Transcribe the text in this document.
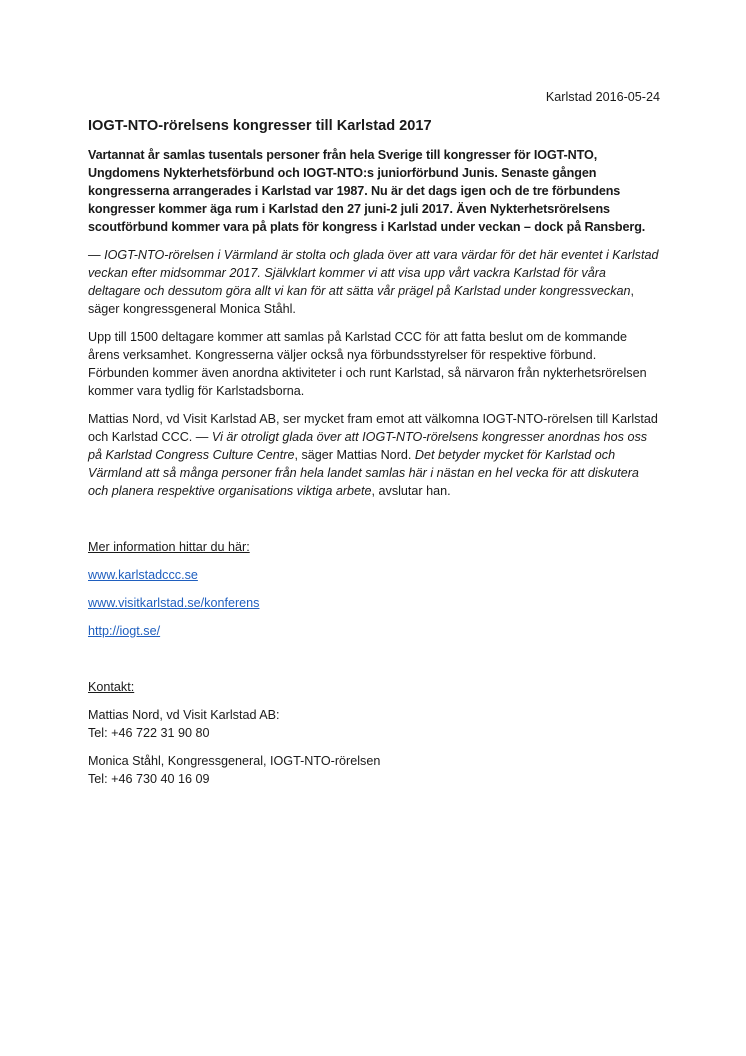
Karlstad 2016-05-24
IOGT-NTO-rörelsens kongresser till Karlstad 2017

Vartannat år samlas tusentals personer från hela Sverige till kongresser för IOGT-NTO, Ungdomens Nykterhetsförbund och IOGT-NTO:s juniorförbund Junis. Senaste gången kongresserna arrangerades i Karlstad var 1987. Nu är det dags igen och de tre förbundens kongresser kommer äga rum i Karlstad den 27 juni-2 juli 2017. Även Nykterhetsrörelsens scoutförbund kommer vara på plats för kongress i Karlstad under veckan – dock på Ransberg.

— IOGT-NTO-rörelsen i Värmland är stolta och glada över att vara värdar för det här eventet i Karlstad veckan efter midsommar 2017. Självklart kommer vi att visa upp vårt vackra Karlstad för våra deltagare och dessutom göra allt vi kan för att sätta vår prägel på Karlstad under kongressveckan, säger kongressgeneral Monica Ståhl.

Upp till 1500 deltagare kommer att samlas på Karlstad CCC för att fatta beslut om de kommande årens verksamhet. Kongresserna väljer också nya förbundsstyrelser för respektive förbund. Förbunden kommer även anordna aktiviteter i och runt Karlstad, så närvaron från nykterhetsrörelsen kommer vara tydlig för Karlstadsborna.

Mattias Nord, vd Visit Karlstad AB, ser mycket fram emot att välkomna IOGT-NTO-rörelsen till Karlstad och Karlstad CCC. — Vi är otroligt glada över att IOGT-NTO-rörelsens kongresser anordnas hos oss på Karlstad Congress Culture Centre, säger Mattias Nord. Det betyder mycket för Karlstad och Värmland att så många personer från hela landet samlas här i nästan en hel vecka för att diskutera och planera respektive organisations viktiga arbete, avslutar han.

Mer information hittar du här:

www.karlstadccc.se
www.visitkarlstad.se/konferens
http://iogt.se/

Kontakt:

Mattias Nord, vd Visit Karlstad AB:
Tel: +46 722 31 90 80
Monica Ståhl, Kongressgeneral, IOGT-NTO-rörelsen
Tel: +46 730 40 16 09
